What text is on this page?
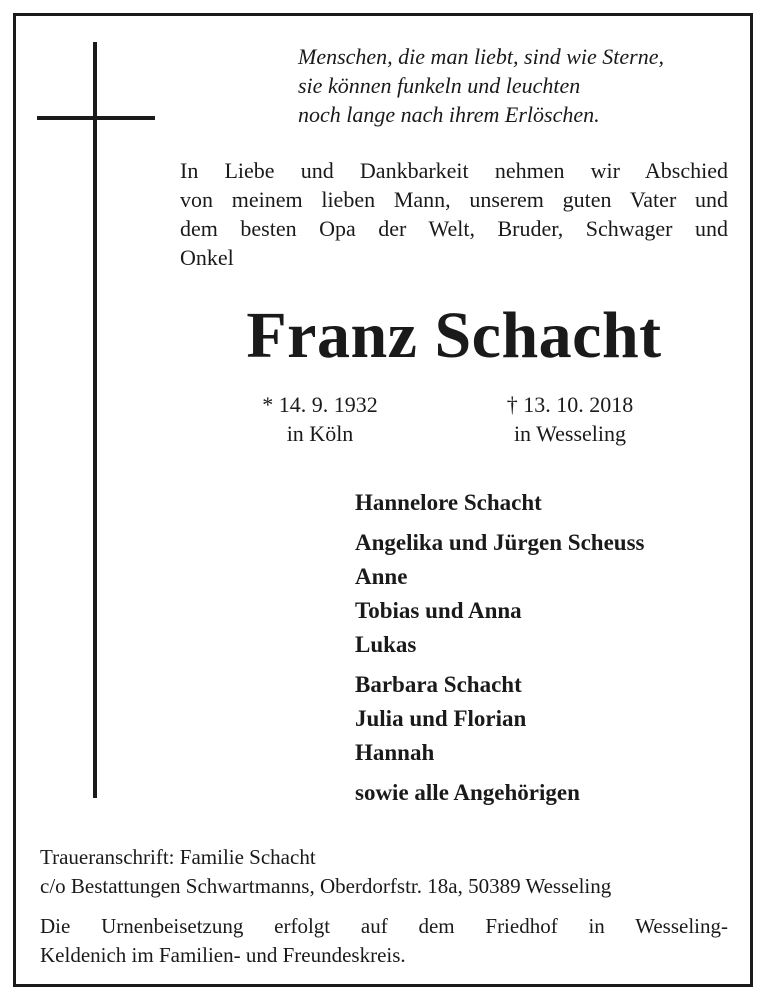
Menschen, die man liebt, sind wie Sterne,
sie können funkeln und leuchten
noch lange nach ihrem Erlöschen.
In Liebe und Dankbarkeit nehmen wir Abschied
von meinem lieben Mann, unserem guten Vater und
dem besten Opa der Welt, Bruder, Schwager und
Onkel
Franz Schacht
* 14. 9. 1932
in Köln
† 13. 10. 2018
in Wesseling
Hannelore Schacht
Angelika und Jürgen Scheuss
Anne
Tobias und Anna
Lukas
Barbara Schacht
Julia und Florian
Hannah
sowie alle Angehörigen
Traueranschrift: Familie Schacht
c/o Bestattungen Schwartmanns, Oberdorfstr. 18a, 50389 Wesseling
Die Urnenbeisetzung erfolgt auf dem Friedhof in Wesseling-
Keldenich im Familien- und Freundeskreis.
